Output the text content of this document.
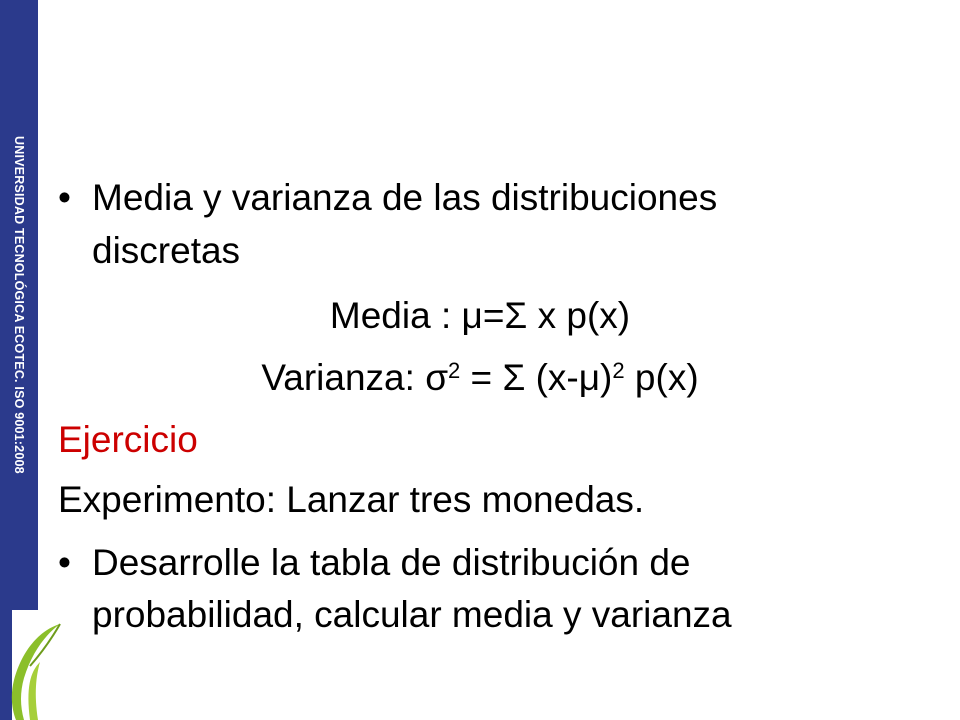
UNIVERSIDAD TECNOLÓGICA ECOTEC. ISO 9001:2008 • Media y varianza de las distribuciones
discretas
Media : μ=Σ x p(x)
Varianza: $\sigma^2 = \Sigma$ $(x-\mu)^2$ p(x)
Ejercicio
Experimento: Lanzar tres monedas.
• Desarrolle la tabla de distribución de
probabilidad, calcular media y varianza
